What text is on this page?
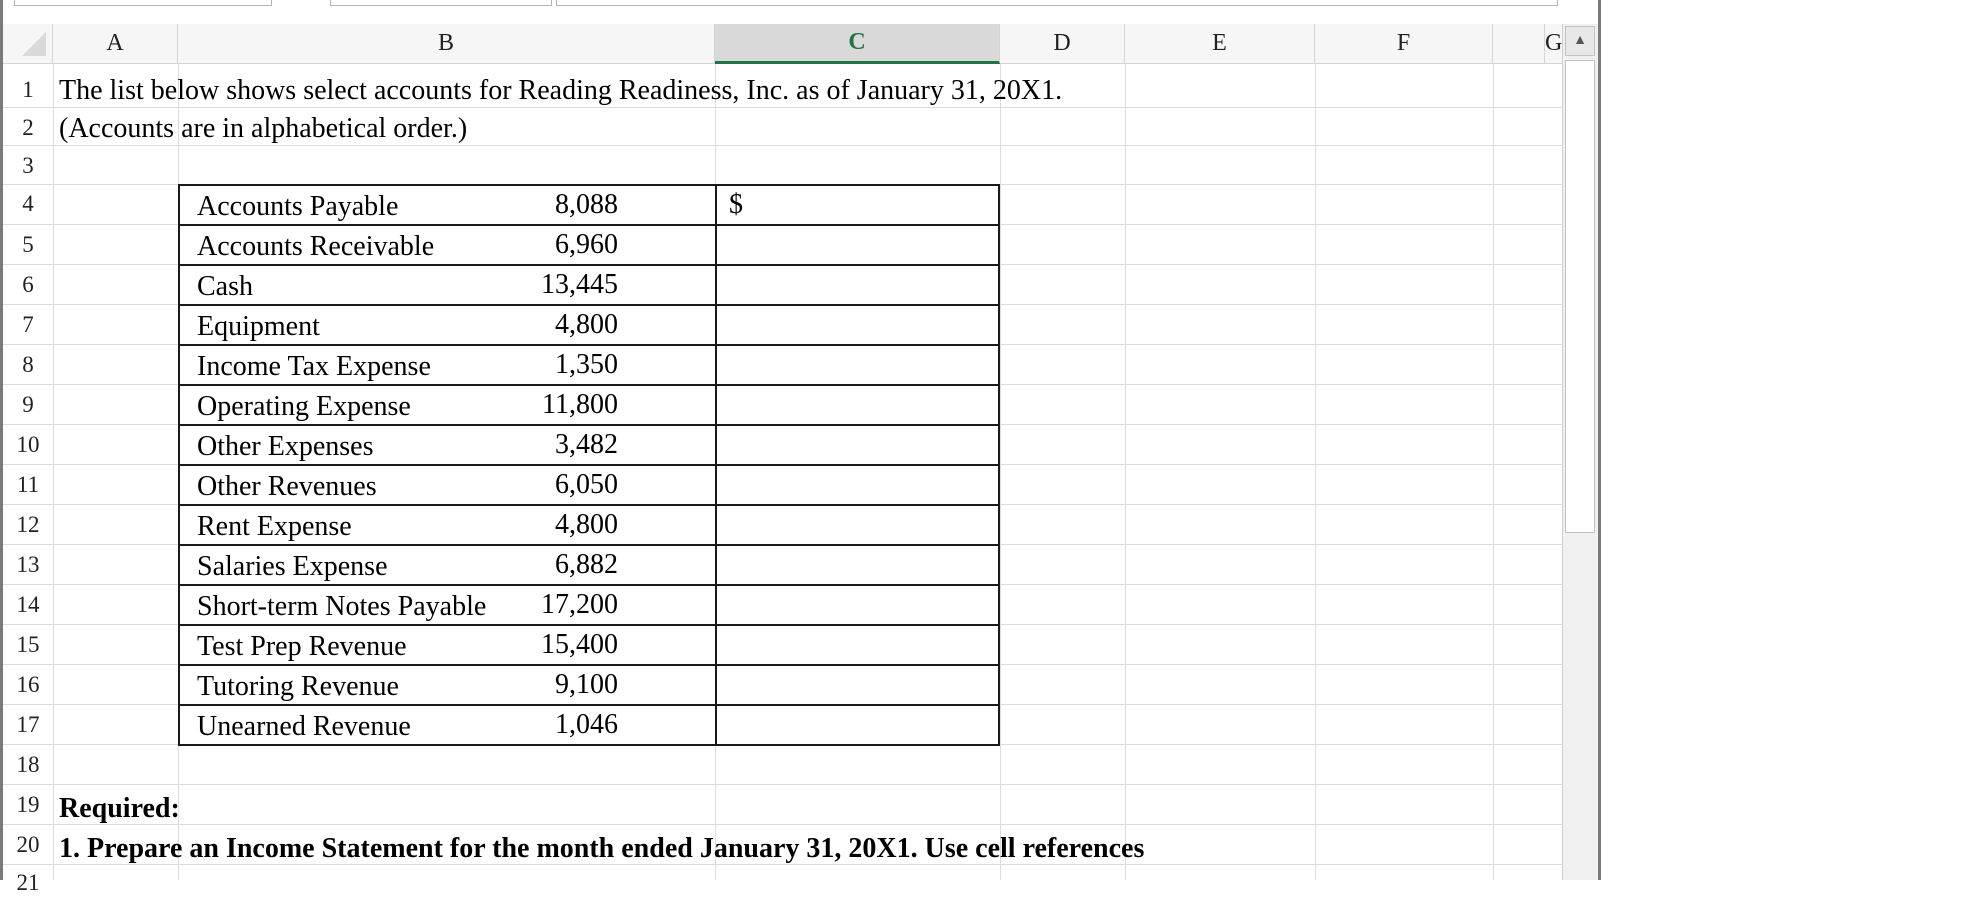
A	B	C	D	E	F	G
1
2
3
4
5
6
7
8
9
10
11
12
13
14
15
16
17
18
19
20
21
The list below shows select accounts for Reading Readiness, Inc. as of January 31, 20X1.
(Accounts are in alphabetical order.)
$
Accounts Payable	8,088
Accounts Receivable	6,960
Cash	13,445
Equipment	4,800
Income Tax Expense	1,350
Operating Expense	11,800
Other Expenses	3,482
Other Revenues	6,050
Rent Expense	4,800
Salaries Expense	6,882
Short-term Notes Payable 17,200
Test Prep Revenue	15,400
Tutoring Revenue	9,100
Unearned Revenue	1,046
Required:
1. Prepare an Income Statement for the month ended January 31, 20X1. Use cell references
▲
